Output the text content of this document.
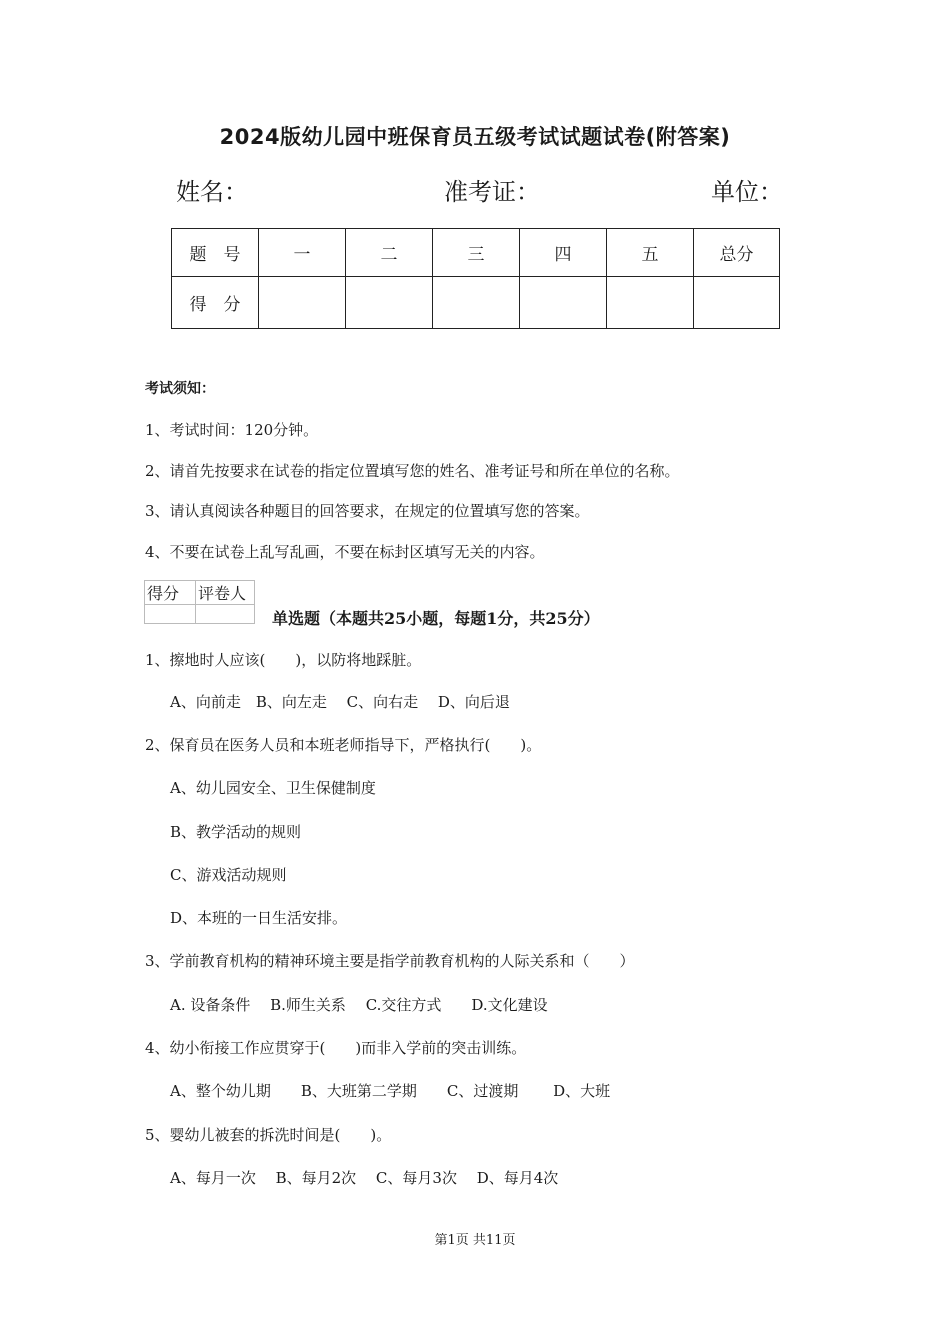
2024版幼儿园中班保育员五级考试试题试卷(附答案)
姓名：	准考证：	单位：
题　号	一	二	三	四	五	总分
得　分						
考试须知：
1、考试时间：120分钟。
2、请首先按要求在试卷的指定位置填写您的姓名、准考证号和所在单位的名称。
3、请认真阅读各种题目的回答要求，在规定的位置填写您的答案。
4、不要在试卷上乱写乱画，不要在标封区填写无关的内容。
得分	评卷人

单选题（本题共25小题，每题1分，共25分）
1、擦地时人应该(　　)，以防将地踩脏。
A、向前走　B、向左走　 C、向右走　 D、向后退
2、保育员在医务人员和本班老师指导下，严格执行(　　)。
A、幼儿园安全、卫生保健制度
B、教学活动的规则
C、游戏活动规则
D、本班的一日生活安排。
3、学前教育机构的精神环境主要是指学前教育机构的人际关系和（　　）
A. 设备条件　 B.师生关系　 C.交往方式　　D.文化建设
4、幼小衔接工作应贯穿于(　　)而非入学前的突击训练。
A、整个幼儿期　　B、大班第二学期　　C、过渡期　　 D、大班
5、婴幼儿被套的拆洗时间是(　　)。
A、每月一次　 B、每月2次　 C、每月3次　 D、每月4次
第1页 共11页
